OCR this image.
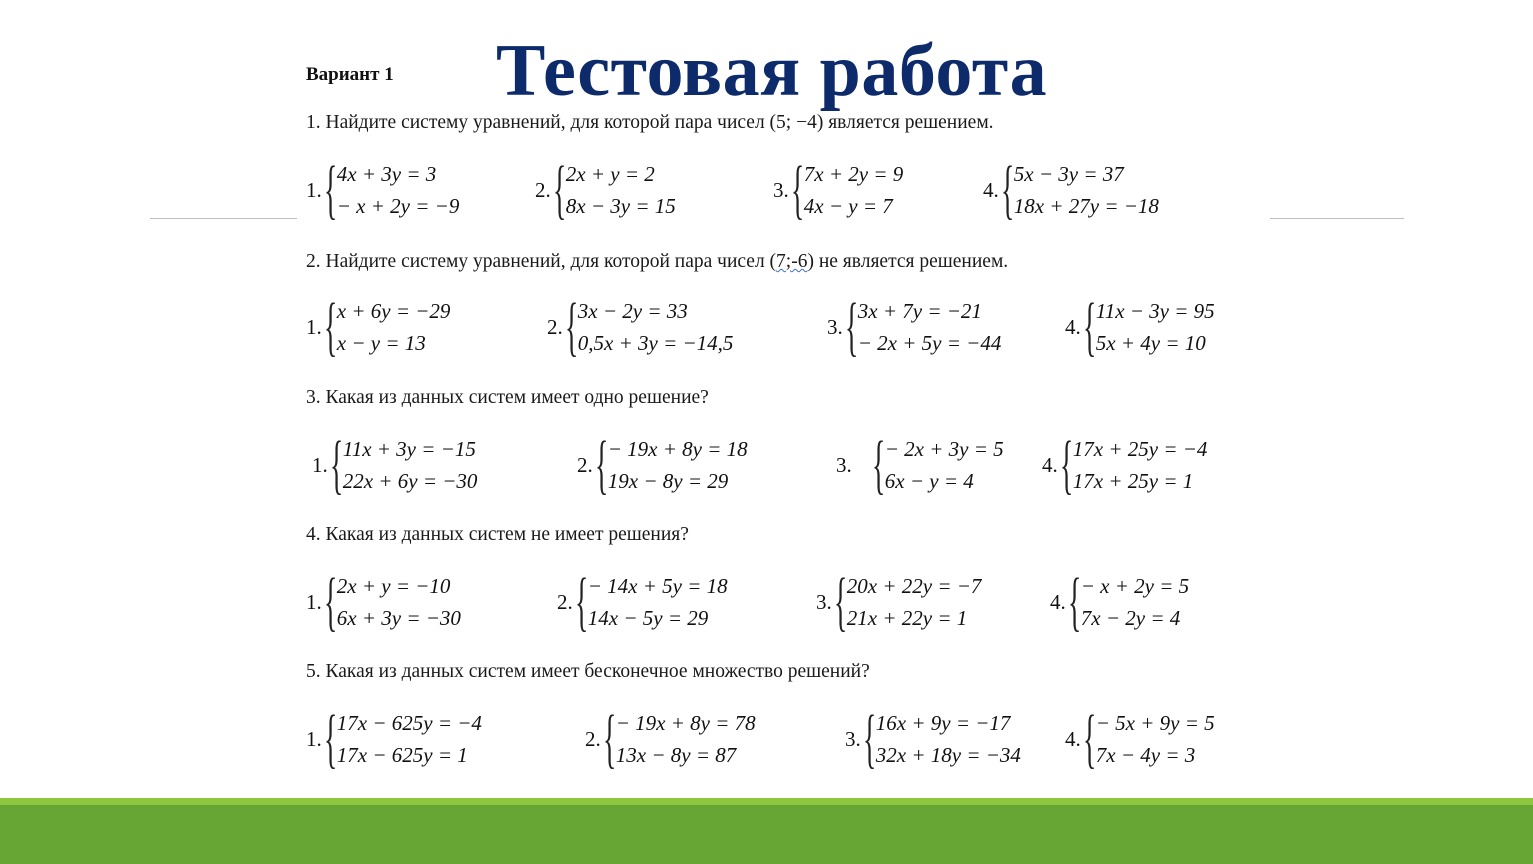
Вариант 1 Тестовая работа
1. Найдите систему уравнений, для которой пара чисел (5; −4) является решением.
1. { 4x + 3y = 3
− x + 2y = −9
2. { 2x + y = 2
8x − 3y = 15
3. { 7x + 2y = 9
4x − y = 7
4. { 5x − 3y = 37
18x + 27y = −18
2. Найдите систему уравнений, для которой пара чисел (7;-6) не является решением.
1. { x + 6y = −29
x − y = 13
2. { 3x − 2y = 33
0,5x + 3y = −14,5
3. { 3x + 7y = −21
− 2x + 5y = −44
4. { 11x − 3y = 95
5x + 4y = 10
3. Какая из данных систем имеет одно решение?
1. { 11x + 3y = −15
22x + 6y = −30
2. { − 19x + 8y = 18
19x − 8y = 29
3. { − 2x + 3y = 5
6x − y = 4
4. { 17x + 25y = −4
17x + 25y = 1
4. Какая из данных систем не имеет решения?
1. { 2x + y = −10
6x + 3y = −30
2. { − 14x + 5y = 18
14x − 5y = 29
3. { 20x + 22y = −7
21x + 22y = 1
4. { − x + 2y = 5
7x − 2y = 4
5. Какая из данных систем имеет бесконечное множество решений?
1. { 17x − 625y = −4
17x − 625y = 1
2. { − 19x + 8y = 78
13x − 8y = 87
3. { 16x + 9y = −17
32x + 18y = −34
4. { − 5x + 9y = 5
7x − 4y = 3
